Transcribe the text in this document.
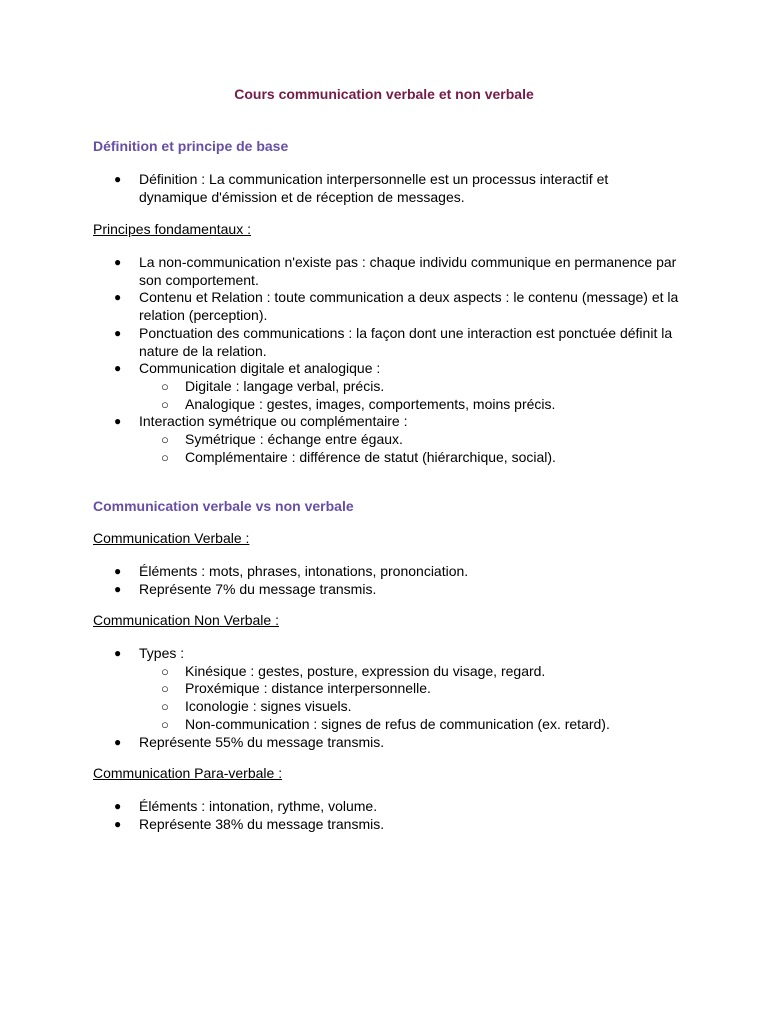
Cours communication verbale et non verbale
Définition et principe de base
● Définition : La communication interpersonnelle est un processus interactif et dynamique d'émission et de réception de messages.
Principes fondamentaux :
● La non-communication n'existe pas : chaque individu communique en permanence par son comportement.
● Contenu et Relation : toute communication a deux aspects : le contenu (message) et la relation (perception).
● Ponctuation des communications : la façon dont une interaction est ponctuée définit la nature de la relation.
● Communication digitale et analogique :
○ Digitale : langage verbal, précis.
○ Analogique : gestes, images, comportements, moins précis.
● Interaction symétrique ou complémentaire :
○ Symétrique : échange entre égaux.
○ Complémentaire : différence de statut (hiérarchique, social).
Communication verbale vs non verbale
Communication Verbale :
● Éléments : mots, phrases, intonations, prononciation.
● Représente 7% du message transmis.
Communication Non Verbale :
● Types :
○ Kinésique : gestes, posture, expression du visage, regard.
○ Proxémique : distance interpersonnelle.
○ Iconologie : signes visuels.
○ Non-communication : signes de refus de communication (ex. retard).
● Représente 55% du message transmis.
Communication Para-verbale :
● Éléments : intonation, rythme, volume.
● Représente 38% du message transmis.
